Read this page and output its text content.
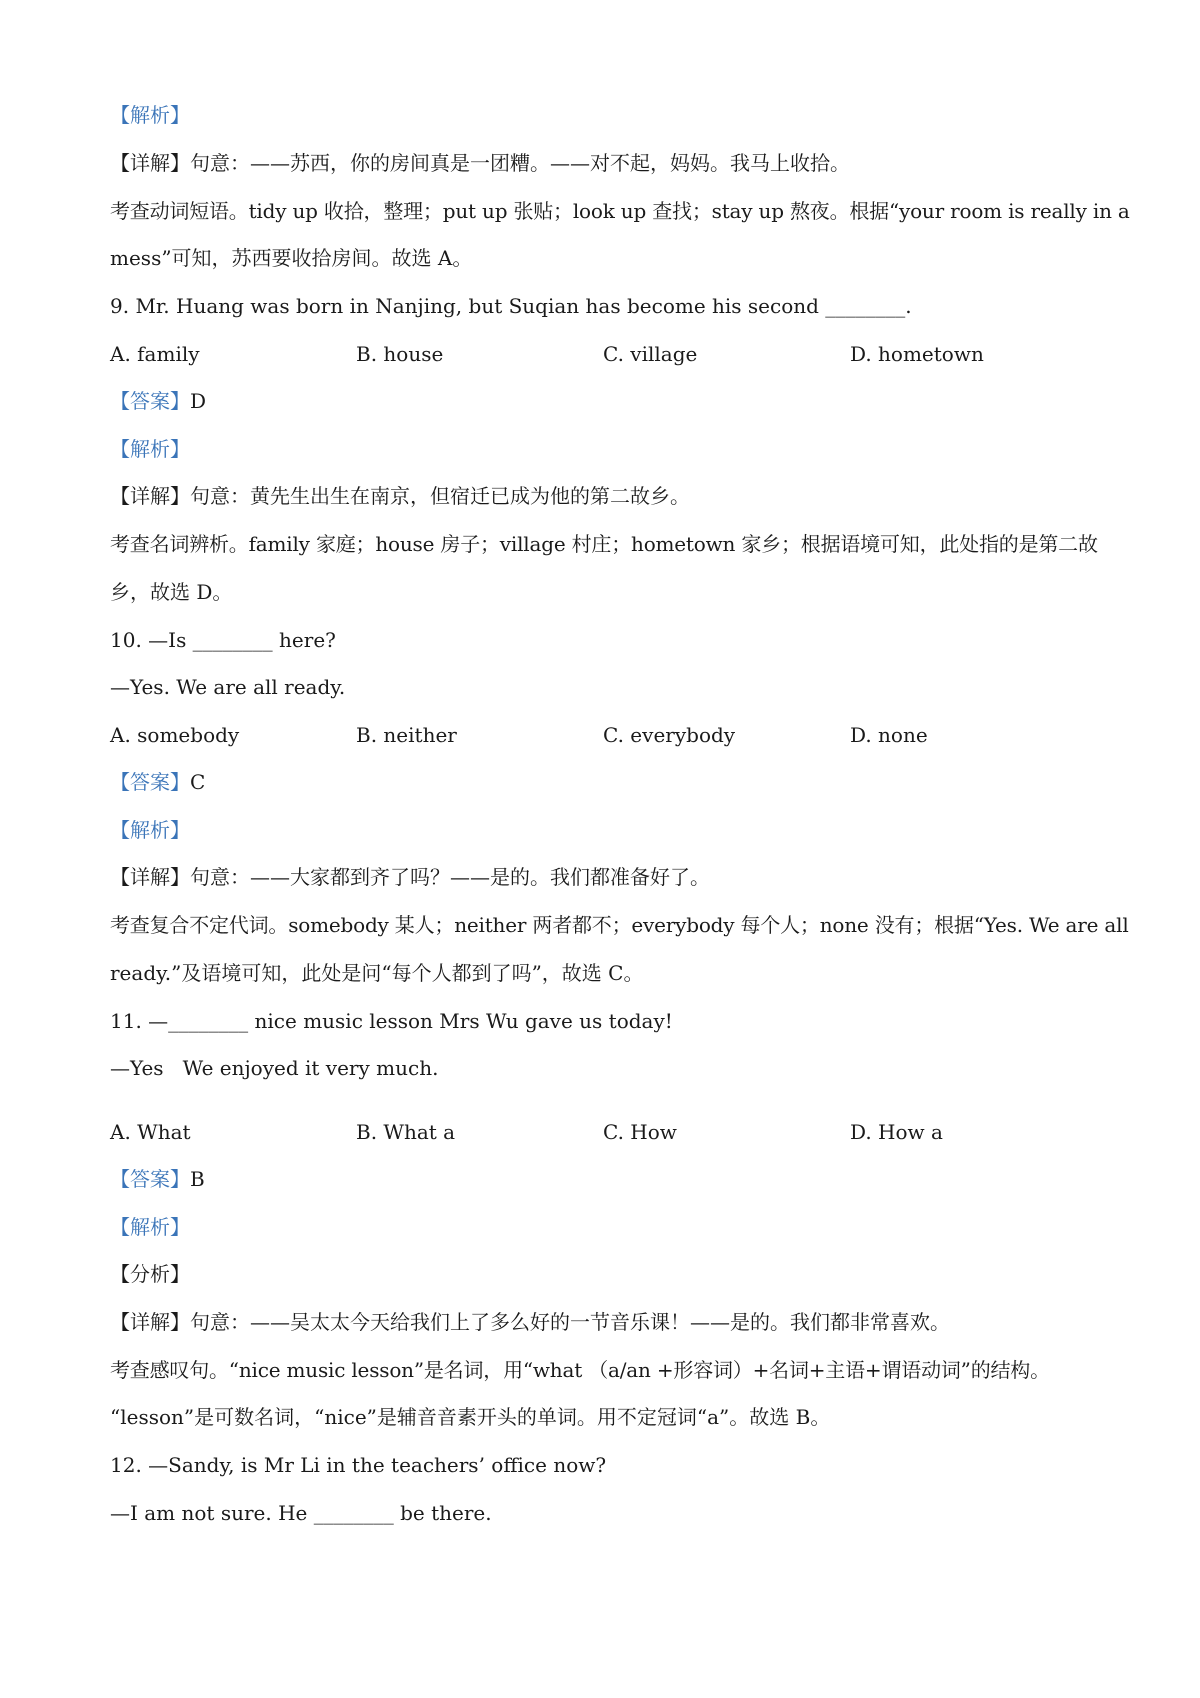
【解析】
【详解】句意：——苏西，你的房间真是一团糟。——对不起，妈妈。我马上收拾。
考查动词短语。tidy up 收拾，整理；put up 张贴；look up 查找；stay up 熬夜。根据“your room is really in a
mess”可知，苏西要收拾房间。故选 A。
9. Mr. Huang was born in Nanjing, but Suqian has become his second ________.
A. family	B. house	C. village	D. hometown
【答案】D
【解析】
【详解】句意：黄先生出生在南京，但宿迁已成为他的第二故乡。
考查名词辨析。family 家庭；house 房子；village 村庄；hometown 家乡；根据语境可知，此处指的是第二故
乡，故选 D。
10. —Is ________ here?
—Yes. We are all ready.
A. somebody	B. neither	C. everybody	D. none
【答案】C
【解析】
【详解】句意：——大家都到齐了吗？——是的。我们都准备好了。
考查复合不定代词。somebody 某人；neither 两者都不；everybody 每个人；none 没有；根据“Yes. We are all
ready.”及语境可知，此处是问“每个人都到了吗”，故选 C。
11. —________ nice music lesson Mrs Wu gave us today!
—Yes   We enjoyed it very much.
A. What	B. What a	C. How	D. How a
【答案】B
【解析】
【分析】
【详解】句意：——吴太太今天给我们上了多么好的一节音乐课！——是的。我们都非常喜欢。
考查感叹句。“nice music lesson”是名词，用“what （a/an +形容词）+名词+主语+谓语动词”的结构。
“lesson”是可数名词，“nice”是辅音音素开头的单词。用不定冠词“a”。故选 B。
12. —Sandy, is Mr Li in the teachers’ office now?
—I am not sure. He ________ be there.
